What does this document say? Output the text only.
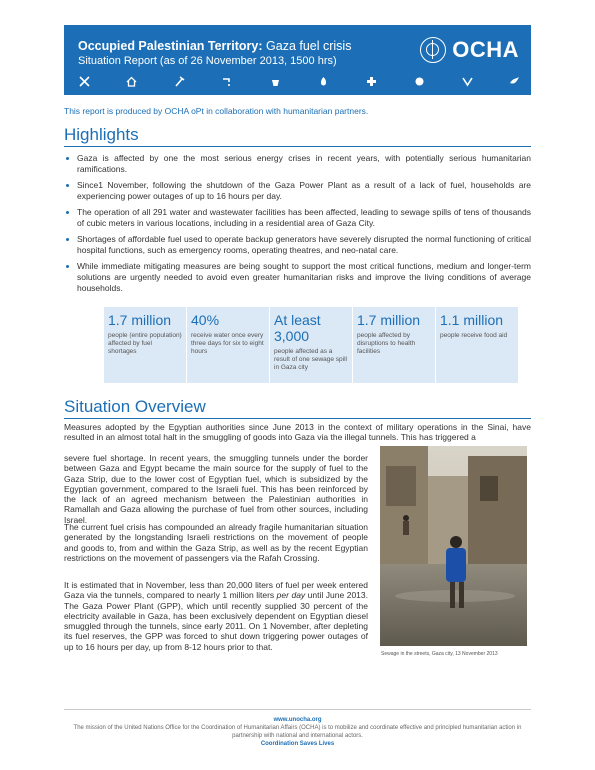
Occupied Palestinian Territory: Gaza fuel crisis
Situation Report (as of 26 November 2013, 1500 hrs)	OCHA
This report is produced by OCHA oPt in collaboration with humanitarian partners.
Highlights
Gaza is affected by one the most serious energy crises in recent years, with potentially serious humanitarian ramifications.
Since1 November, following the shutdown of the Gaza Power Plant as a result of a lack of fuel, households are experiencing power outages of up to 16 hours per day.
The operation of all 291 water and wastewater facilities has been affected, leading to sewage spills of tens of thousands of cubic meters in various locations, including in a residential area of Gaza City.
Shortages of affordable fuel used to operate backup generators have severely disrupted the normal functioning of critical hospital functions, such as emergency rooms, operating theatres, and neo-natal care.
While immediate mitigating measures are being sought to support the most critical functions, medium and longer-term solutions are urgently needed to avoid even greater humanitarian risks and improve the living conditions of average households.
1.7 million
people (entire population) affected by fuel shortages
40%
receive water once every three days for six to eight hours
At least 3,000
people affected as a result of one sewage spill in Gaza city
1.7 million
people affected by disruptions to health facilities
1.1 million
people receive food aid
Situation Overview
Measures adopted by the Egyptian authorities since June 2013 in the context of military operations in the Sinai, have resulted in an almost total halt in the smuggling of goods into Gaza via the illegal tunnels. This has triggered a
severe fuel shortage. In recent years, the smuggling tunnels under the border between Gaza and Egypt became the main source for the supply of fuel to the Gaza Strip, due to the lower cost of Egyptian fuel, which is subsidized by the Egyptian government, compared to the Israeli fuel. This has been reinforced by the lack of an agreed mechanism between the Palestinian authorities in Ramallah and Gaza allowing the purchase of fuel from other sources, including Israel.
The current fuel crisis has compounded an already fragile humanitarian situation generated by the longstanding Israeli restrictions on the movement of people and goods to, from and within the Gaza Strip, as well as by the recent Egyptian restrictions on the movement of passengers via the Rafah Crossing.
It is estimated that in November, less than 20,000 liters of fuel per week entered Gaza via the tunnels, compared to nearly 1 million liters per day until June 2013. The Gaza Power Plant (GPP), which until recently supplied 30 percent of the electricity available in Gaza, has been exclusively dependent on Egyptian diesel smuggled through the tunnels, since early 2011. On 1 November, after depleting its fuel reserves, the GPP was forced to shut down triggering power outages of up to 16 hours per day, up from 8-12 hours prior to that.
Sewage in the streets, Gaza city, 13 November 2013
www.unocha.org
The mission of the United Nations Office for the Coordination of Humanitarian Affairs (OCHA) is to mobilize and coordinate effective and principled humanitarian action in partnership with national and international actors.
Coordination Saves Lives
